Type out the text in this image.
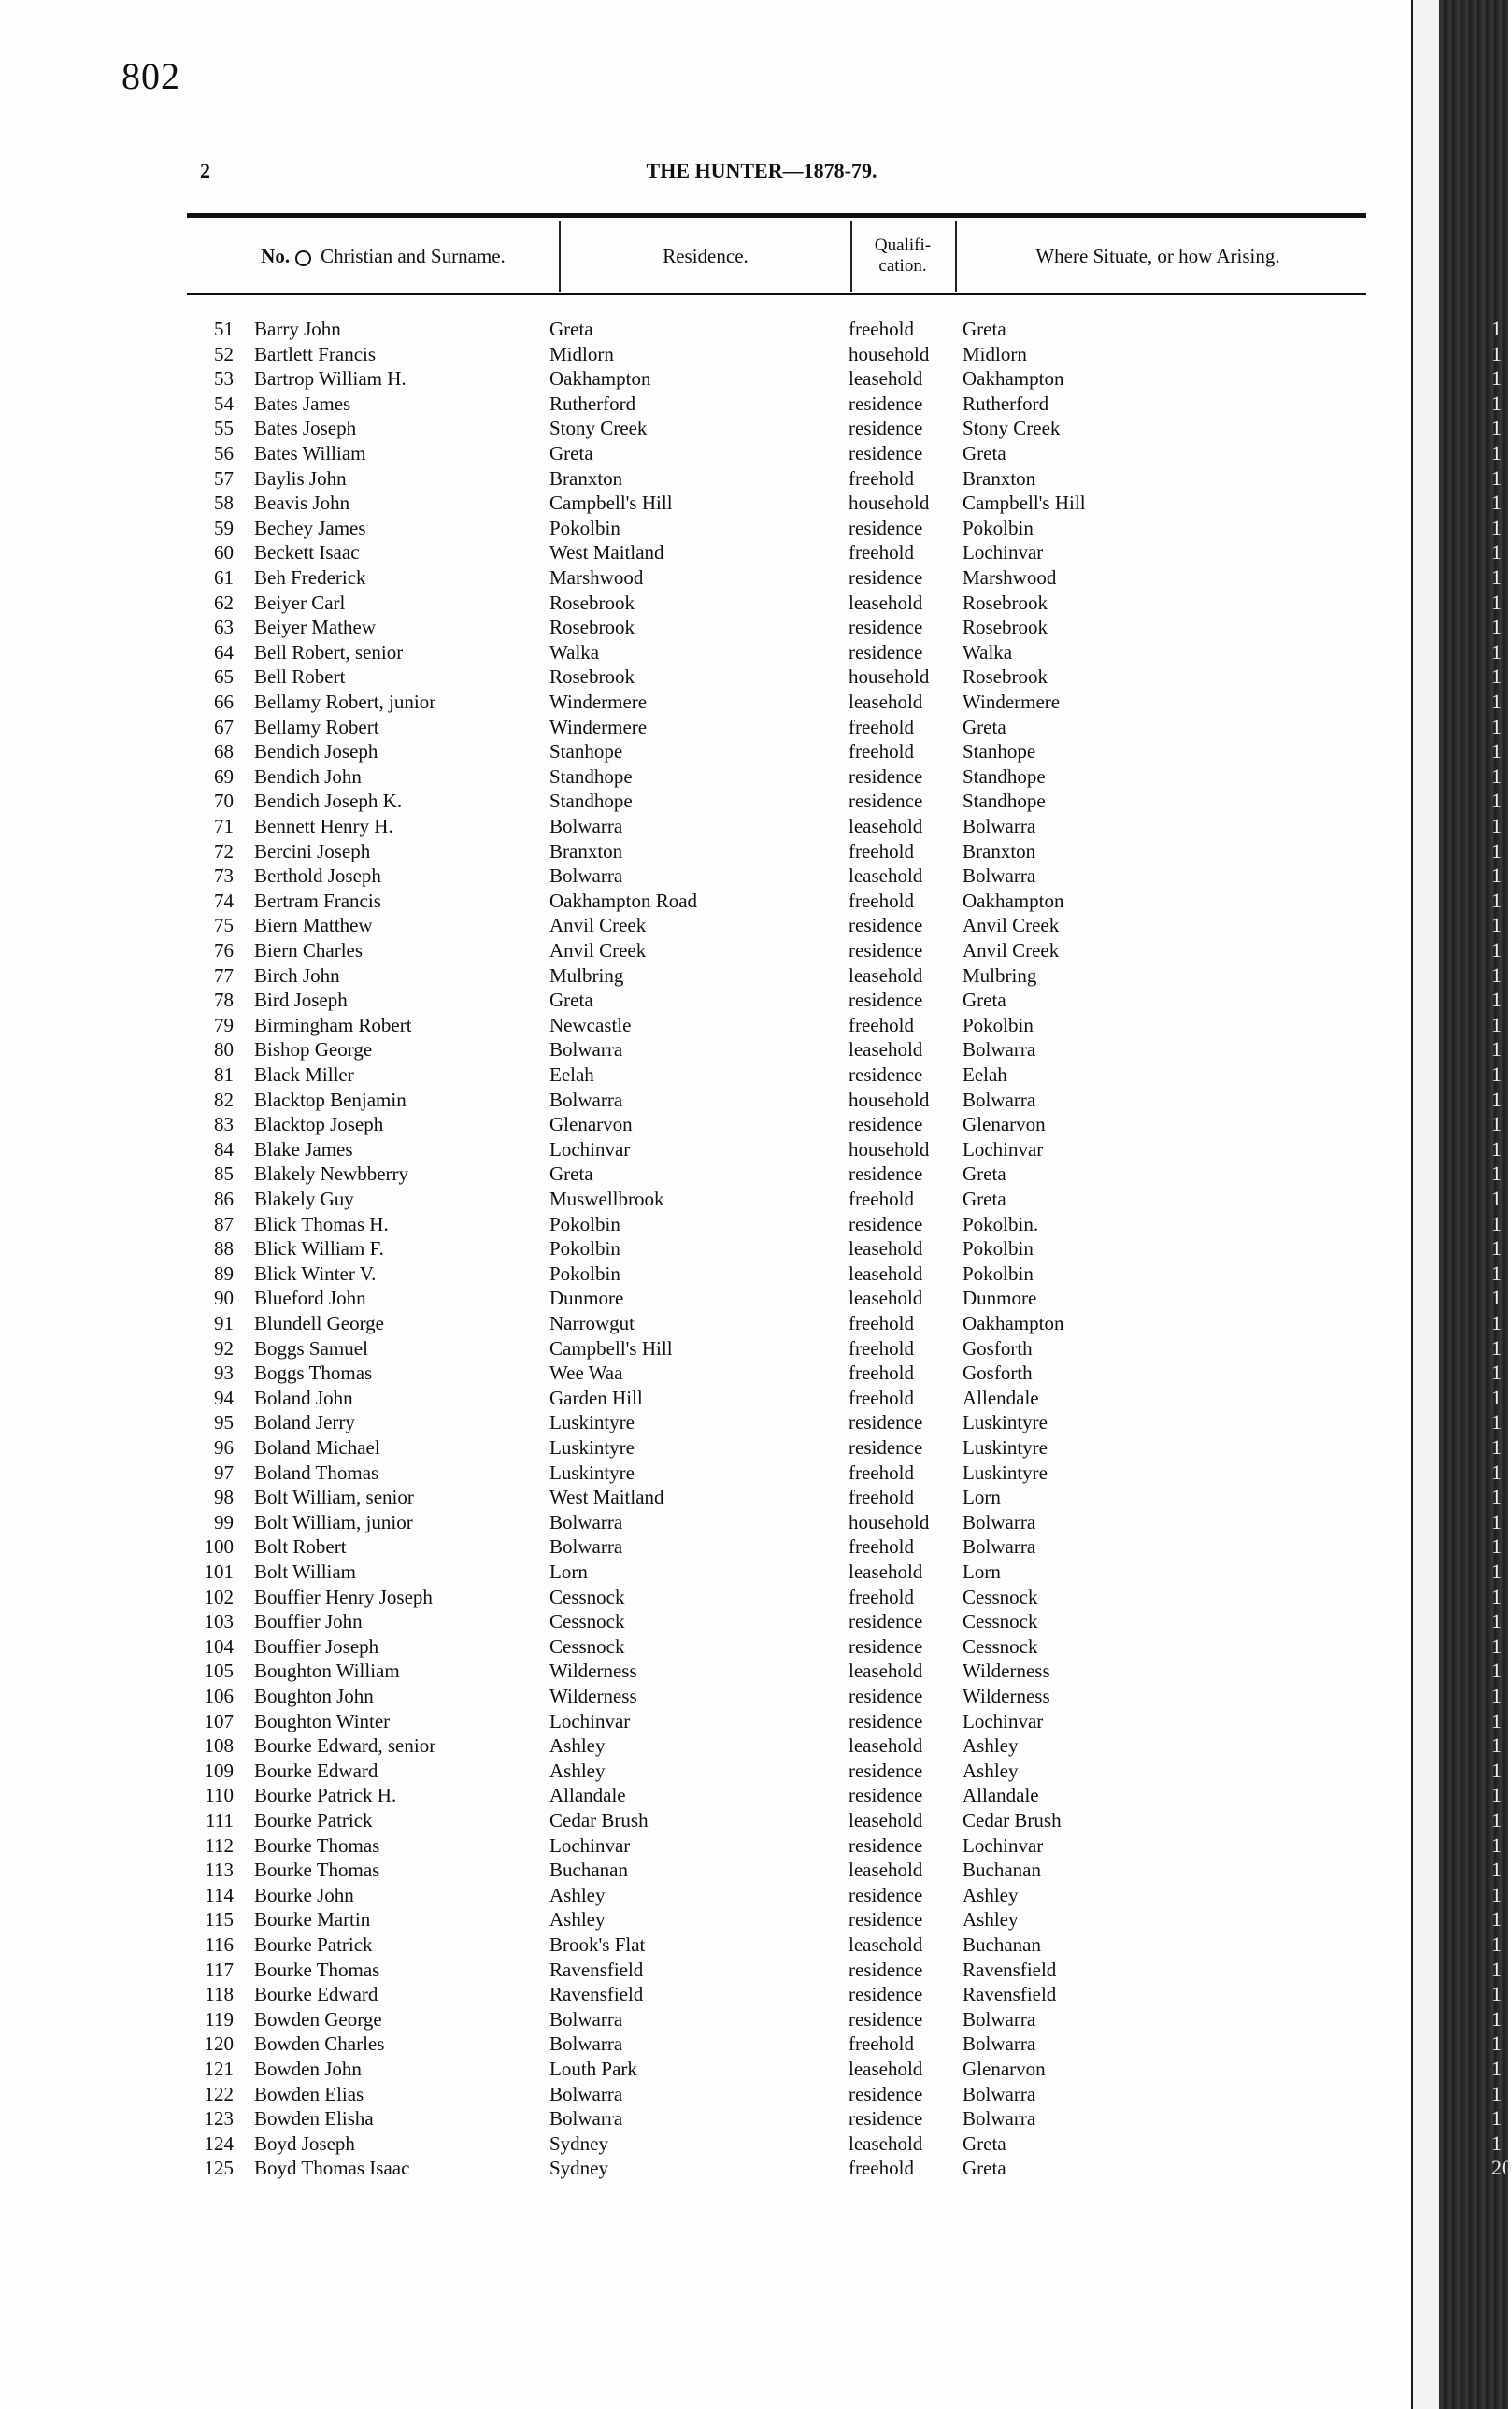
802
2	THE HUNTER—1878-79.
No. Christian and Surname.	Residence.	Qualifi-cation.	Where Situate, or how Arising.
51 Barry John	Greta	freehold Greta
52 Bartlett Francis	Midlorn	household Midlorn
53 Bartrop William H.	Oakhampton	leasehold Oakhampton
54 Bates James	Rutherford	residence Rutherford
55 Bates Joseph	Stony Creek	residence Stony Creek
56 Bates William	Greta	residence Greta
57 Baylis John	Branxton	freehold Branxton
58 Beavis John	Campbell's Hill	household Campbell's Hill
59 Bechey James	Pokolbin	residence Pokolbin
60 Beckett Isaac	West Maitland	freehold Lochinvar
61 Beh Frederick	Marshwood	residence Marshwood
62 Beiyer Carl	Rosebrook	leasehold Rosebrook
63 Beiyer Mathew	Rosebrook	residence Rosebrook
64 Bell Robert, senior	Walka	residence Walka
65 Bell Robert	Rosebrook	household Rosebrook
66 Bellamy Robert, junior	Windermere	leasehold Windermere
67 Bellamy Robert	Windermere	freehold Greta
68 Bendich Joseph	Stanhope	freehold Stanhope
69 Bendich John	Standhope	residence Standhope
70 Bendich Joseph K.	Standhope	residence Standhope
71 Bennett Henry H.	Bolwarra	leasehold Bolwarra
72 Bercini Joseph	Branxton	freehold Branxton
73 Berthold Joseph	Bolwarra	leasehold Bolwarra
74 Bertram Francis	Oakhampton Road	freehold Oakhampton
75 Biern Matthew	Anvil Creek	residence Anvil Creek
76 Biern Charles	Anvil Creek	residence Anvil Creek
77 Birch John	Mulbring	leasehold Mulbring
78 Bird Joseph	Greta	residence Greta
79 Birmingham Robert	Newcastle	freehold Pokolbin
80 Bishop George	Bolwarra	leasehold Bolwarra
81 Black Miller	Eelah	residence Eelah
82 Blacktop Benjamin	Bolwarra	household Bolwarra
83 Blacktop Joseph	Glenarvon	residence Glenarvon
84 Blake James	Lochinvar	household Lochinvar
85 Blakely Newbberry	Greta	residence Greta
86 Blakely Guy	Muswellbrook	freehold Greta
87 Blick Thomas H.	Pokolbin	residence Pokolbin.
88 Blick William F.	Pokolbin	leasehold Pokolbin
89 Blick Winter V.	Pokolbin	leasehold Pokolbin
90 Blueford John	Dunmore	leasehold Dunmore
91 Blundell George	Narrowgut	freehold Oakhampton
92 Boggs Samuel	Campbell's Hill	freehold Gosforth
93 Boggs Thomas	Wee Waa	freehold Gosforth
94 Boland John	Garden Hill	freehold Allendale
95 Boland Jerry	Luskintyre	residence Luskintyre
96 Boland Michael	Luskintyre	residence Luskintyre
97 Boland Thomas	Luskintyre	freehold Luskintyre
98 Bolt William, senior	West Maitland	freehold Lorn
99 Bolt William, junior	Bolwarra	household Bolwarra
100 Bolt Robert	Bolwarra	freehold Bolwarra
101 Bolt William	Lorn	leasehold Lorn
102 Bouffier Henry Joseph	Cessnock	freehold Cessnock
103 Bouffier John	Cessnock	residence Cessnock
104 Bouffier Joseph	Cessnock	residence Cessnock
105 Boughton William	Wilderness	leasehold Wilderness
106 Boughton John	Wilderness	residence Wilderness
107 Boughton Winter	Lochinvar	residence Lochinvar
108 Bourke Edward, senior	Ashley	leasehold Ashley
109 Bourke Edward	Ashley	residence Ashley
110 Bourke Patrick H.	Allandale	residence Allandale
111 Bourke Patrick	Cedar Brush	leasehold Cedar Brush
112 Bourke Thomas	Lochinvar	residence Lochinvar
113 Bourke Thomas	Buchanan	leasehold Buchanan
114 Bourke John	Ashley	residence Ashley
115 Bourke Martin	Ashley	residence Ashley
116 Bourke Patrick	Brook's Flat	leasehold Buchanan
117 Bourke Thomas	Ravensfield	residence Ravensfield
118 Bourke Edward	Ravensfield	residence Ravensfield
119 Bowden George	Bolwarra	residence Bolwarra
120 Bowden Charles	Bolwarra	freehold Bolwarra
121 Bowden John	Louth Park	leasehold Glenarvon
122 Bowden Elias	Bolwarra	residence Bolwarra
123 Bowden Elisha	Bolwarra	residence Bolwarra
124 Boyd Joseph	Sydney	leasehold Greta
125 Boyd Thomas Isaac	Sydney	freehold Greta
1
1
1
1
1
1
1
1
1
1
1
1
1
1
1
1
1
1
1
1
1
1
1
1
1
1
1
1
1
1
1
1
1
1
1
1
1
1
1
1
1
1
1
1
1
1
1
1
1
1
1
1
1
1
1
1
1
1
1
1
1
1
1
1
1
1
1
1
1
1
1
1
1
1
20
